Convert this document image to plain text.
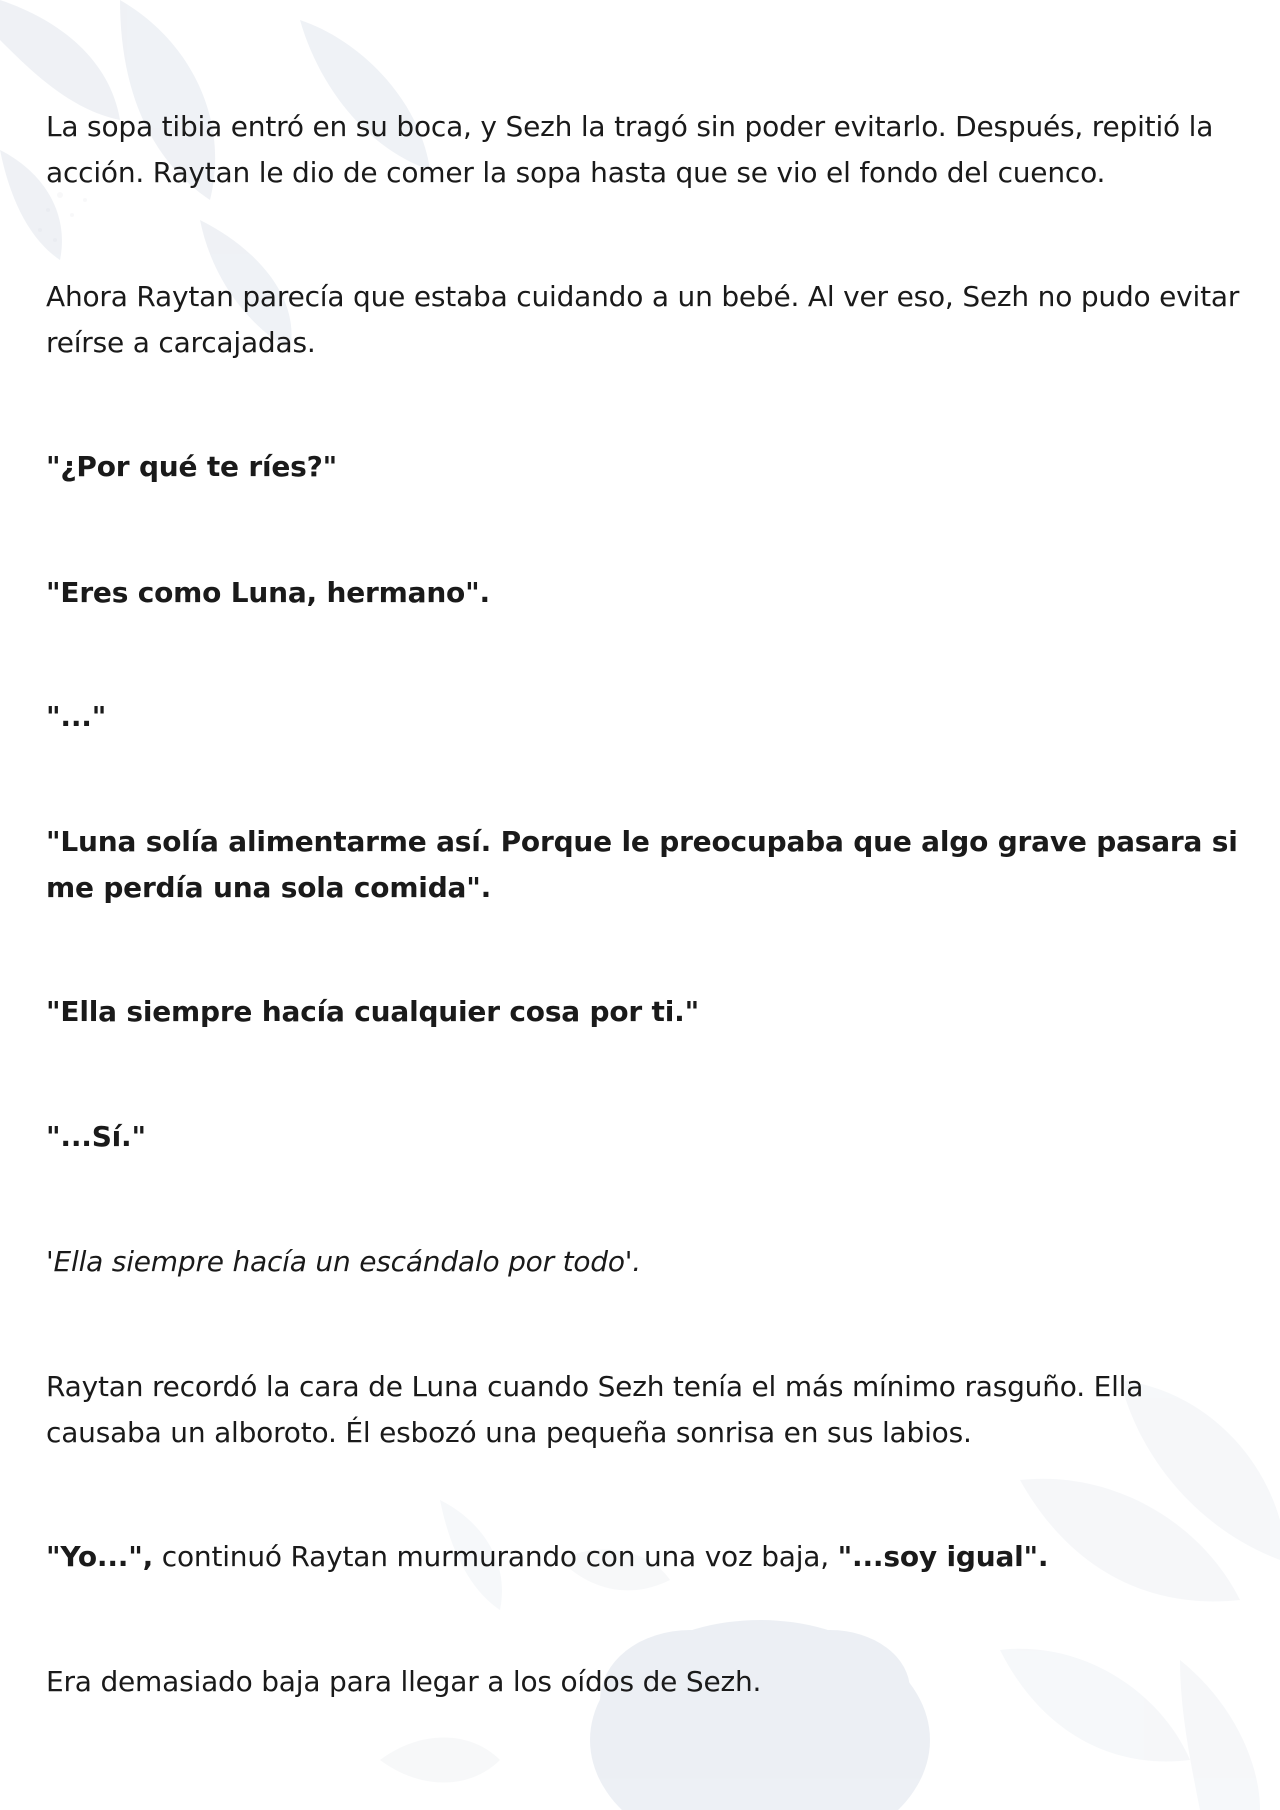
La sopa tibia entró en su boca, y Sezh la tragó sin poder evitarlo. Después, repitió la acción. Raytan le dio de comer la sopa hasta que se vio el fondo del cuenco.

Ahora Raytan parecía que estaba cuidando a un bebé. Al ver eso, Sezh no pudo evitar reírse a carcajadas.

"¿Por qué te ríes?"

"Eres como Luna, hermano".

"..."

"Luna solía alimentarme así. Porque le preocupaba que algo grave pasara si me perdía una sola comida".

"Ella siempre hacía cualquier cosa por ti."

"...Sí."

'Ella siempre hacía un escándalo por todo'.

Raytan recordó la cara de Luna cuando Sezh tenía el más mínimo rasguño. Ella causaba un alboroto. Él esbozó una pequeña sonrisa en sus labios.

"Yo...", continuó Raytan murmurando con una voz baja, "...soy igual".

Era demasiado baja para llegar a los oídos de Sezh.
